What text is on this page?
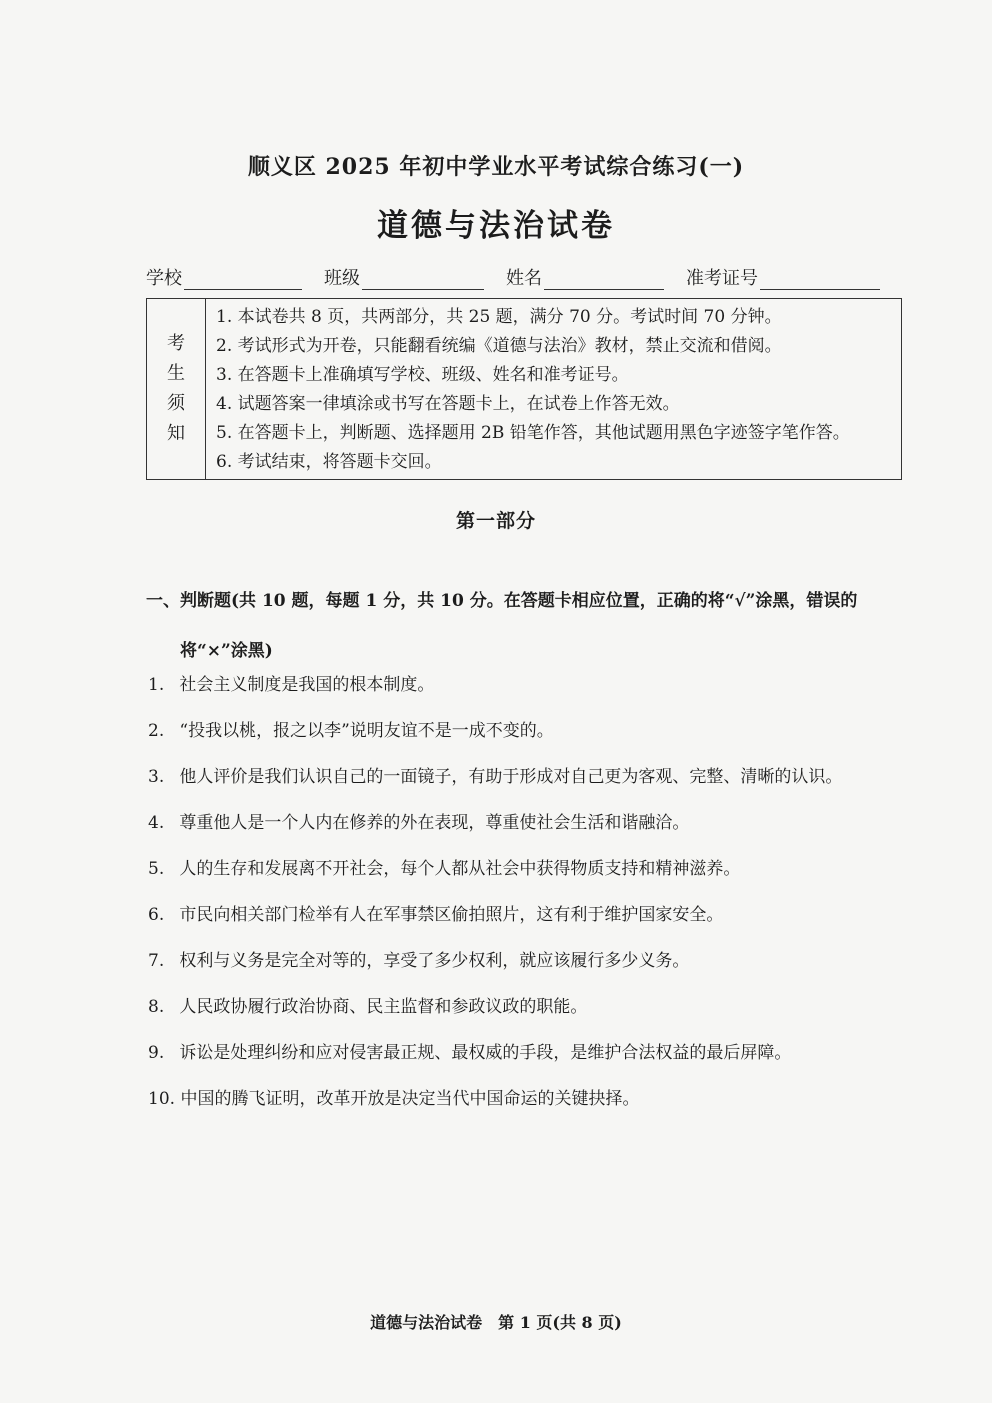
顺义区 2025 年初中学业水平考试综合练习(一)
道德与法治试卷
学校	班级	姓名	准考证号
考
生
须
知
1. 本试卷共 8 页，共两部分，共 25 题，满分 70 分。考试时间 70 分钟。
2. 考试形式为开卷，只能翻看统编《道德与法治》教材，禁止交流和借阅。
3. 在答题卡上准确填写学校、班级、姓名和准考证号。
4. 试题答案一律填涂或书写在答题卡上，在试卷上作答无效。
5. 在答题卡上，判断题、选择题用 2B 铅笔作答，其他试题用黑色字迹签字笔作答。
6. 考试结束，将答题卡交回。
第一部分
一、判断题(共 10 题，每题 1 分，共 10 分。在答题卡相应位置，正确的将“√”涂黑，错误的
将“×”涂黑)
1. 社会主义制度是我国的根本制度。
2. “投我以桃，报之以李”说明友谊不是一成不变的。
3. 他人评价是我们认识自己的一面镜子，有助于形成对自己更为客观、完整、清晰的认识。
4. 尊重他人是一个人内在修养的外在表现，尊重使社会生活和谐融洽。
5. 人的生存和发展离不开社会，每个人都从社会中获得物质支持和精神滋养。
6. 市民向相关部门检举有人在军事禁区偷拍照片，这有利于维护国家安全。
7. 权利与义务是完全对等的，享受了多少权利，就应该履行多少义务。
8. 人民政协履行政治协商、民主监督和参政议政的职能。
9. 诉讼是处理纠纷和应对侵害最正规、最权威的手段，是维护合法权益的最后屏障。
10. 中国的腾飞证明，改革开放是决定当代中国命运的关键抉择。
道德与法治试卷　第 1 页(共 8 页)
